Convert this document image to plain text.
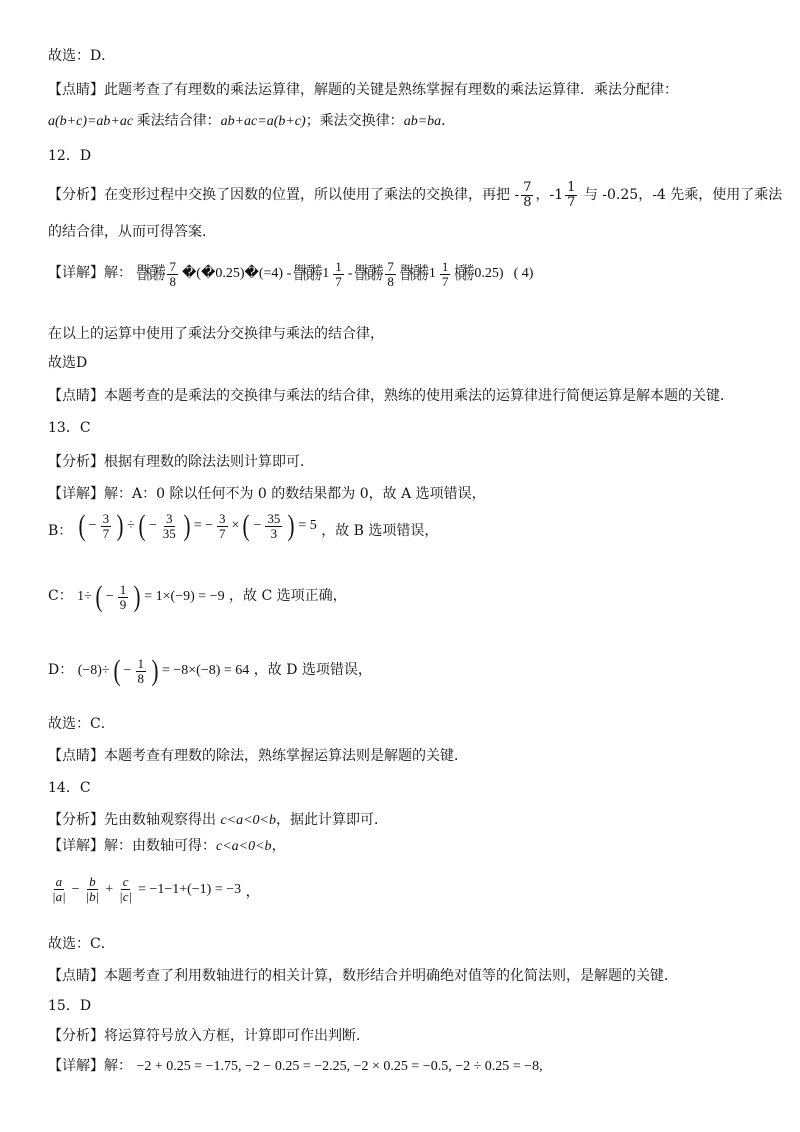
故选：D．
【点睛】此题考查了有理数的乘法运算律，解题的关键是熟练掌握有理数的乘法运算律．乘法分配律：
a(b+c)=ab+ac 乘法结合律：ab+ac=a(b+c)；乘法交换律：ab=ba．
12．D
【分析】在变形过程中交换了因数的位置，所以使用了乘法的交换律，再把 - $\frac{7}{8}$ ，$-1 \frac{1}{7}$ 与 -0.25，-4 先乘，使用了乘法
的结合律，从而可得答案．
【详解】解： 䁷槓椦 $\frac{7}{8}$ �(�0.25)�(=4) - 䁷槓椦 $1 \frac{1}{7}$ - 䁷槓椦 $\frac{7}{8}$ 䁷槓椦 $1 \frac{1}{7}$ 槓椦 0.25) ( 4)
在以上的运算中使用了乘法分交换律与乘法的结合律，
故选D
【点睛】本题考查的是乘法的交换律与乘法的结合律，熟练的使用乘法的运算律进行简便运算是解本题的关键．
13．C
【分析】根据有理数的除法法则计算即可．
【详解】解：A：0 除以任何不为 0 的数结果都为 0，故 A 选项错误，
B： ( − $\frac{3}{7}$ ) ÷ ( − $\frac{3}{35}$ ) = − $\frac{3}{7}$ × ( − $\frac{35}{3}$ ) = 5 ，故 B 选项错误，
C： 1÷ ( − $\frac{1}{9}$ ) = 1×(−9) = −9 ，故 C 选项正确，
D： (−8)÷ ( − $\frac{1}{8}$ ) = −8×(−8) = 64 ，故 D 选项错误，
故选：C．
【点睛】本题考查有理数的除法，熟练掌握运算法则是解题的关键．
14．C
【分析】先由数轴观察得出 c<a<0<b，据此计算即可．
【详解】解：由数轴可得：c<a<0<b，
$\frac{a}{|a|} - \frac{b}{|b|} + \frac{c}{|c|} = -1-1+(-1) = -3$ ，
故选：C．
【点睛】本题考查了利用数轴进行的相关计算，数形结合并明确绝对值等的化简法则，是解题的关键．
15．D
【分析】将运算符号放入方框，计算即可作出判断．
【详解】解： −2 + 0.25 = −1.75, −2 − 0.25 = −2.25, −2 × 0.25 = −0.5, −2 ÷ 0.25 = −8,
